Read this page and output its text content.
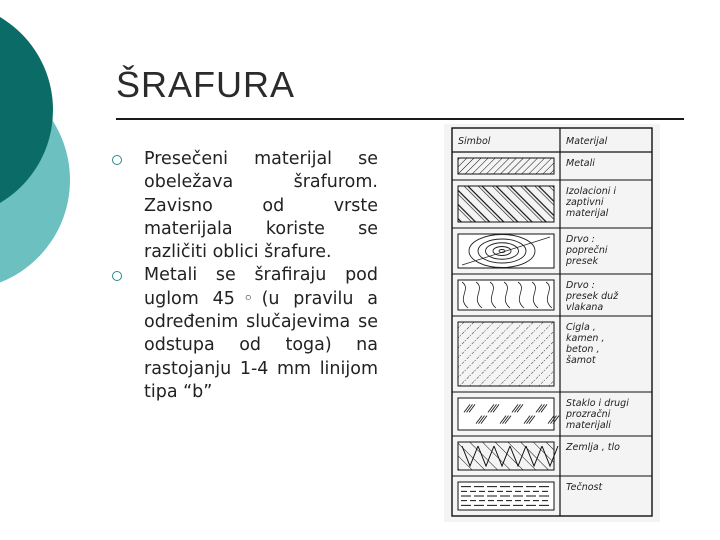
ŠRAFURA
Presečeni materijal se obeležava šrafurom. Zavisno od vrste materijala koriste se različiti oblici šrafure.
Metali se šrafiraju pod uglom 45◦(u pravilu a određenim slučajevima se odstupa od toga) na rastojanju 1-4 mm linijom tipa “b”
Simbol	Materijal
Metali
Izolacioni i
zaptivni
materijal
Drvo :
poprečni
presek
Drvo :
presek duž
vlakana
Cigla ,
kamen ,
beton ,
šamot
Staklo i drugi
prozračni
materijali
Zemlja , tlo
Tečnost
